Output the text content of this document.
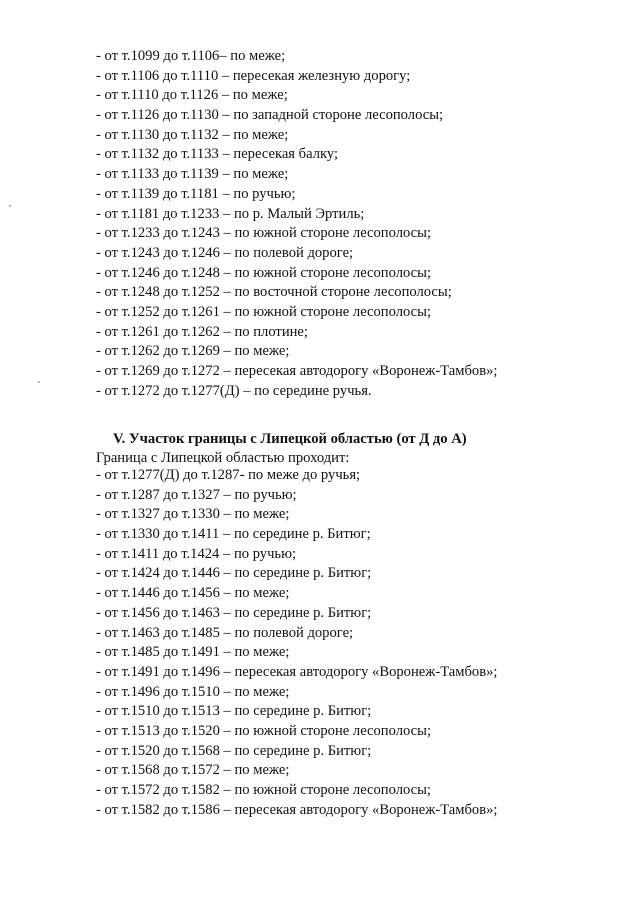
- от т.1099 до т.1106– по меже;
- от т.1106 до т.1110 – пересекая железную дорогу;
- от т.1110 до т.1126 – по меже;
- от т.1126 до т.1130 – по западной стороне лесополосы;
- от т.1130 до т.1132 – по меже;
- от т.1132 до т.1133 – пересекая балку;
- от т.1133 до т.1139 – по меже;
- от т.1139 до т.1181 – по ручью;
- от т.1181 до т.1233 – по р. Малый Эртиль;
- от т.1233 до т.1243 – по южной стороне лесополосы;
- от т.1243 до т.1246 – по полевой дороге;
- от т.1246 до т.1248 – по южной стороне лесополосы;
- от т.1248 до т.1252 – по восточной стороне лесополосы;
- от т.1252 до т.1261 – по южной стороне лесополосы;
- от т.1261 до т.1262 – по плотине;
- от т.1262 до т.1269 – по меже;
- от т.1269 до т.1272 – пересекая автодорогу «Воронеж-Тамбов»;
- от т.1272 до т.1277(Д) – по середине ручья.
V. Участок границы с Липецкой областью (от Д до А)
Граница с Липецкой областью проходит:
- от т.1277(Д) до т.1287- по меже до ручья;
- от т.1287 до т.1327 – по ручью;
- от т.1327 до т.1330 – по меже;
- от т.1330 до т.1411 – по середине р. Битюг;
- от т.1411 до т.1424 – по ручью;
- от т.1424 до т.1446 – по середине р. Битюг;
- от т.1446 до т.1456 – по меже;
- от т.1456 до т.1463 – по середине р. Битюг;
- от т.1463 до т.1485 – по полевой дороге;
- от т.1485 до т.1491 – по меже;
- от т.1491 до т.1496 – пересекая автодорогу «Воронеж-Тамбов»;
- от т.1496 до т.1510 – по меже;
- от т.1510 до т.1513 – по середине р. Битюг;
- от т.1513 до т.1520 – по южной стороне лесополосы;
- от т.1520 до т.1568 – по середине р. Битюг;
- от т.1568 до т.1572 – по меже;
- от т.1572 до т.1582 – по южной стороне лесополосы;
- от т.1582 до т.1586 – пересекая автодорогу «Воронеж-Тамбов»;
